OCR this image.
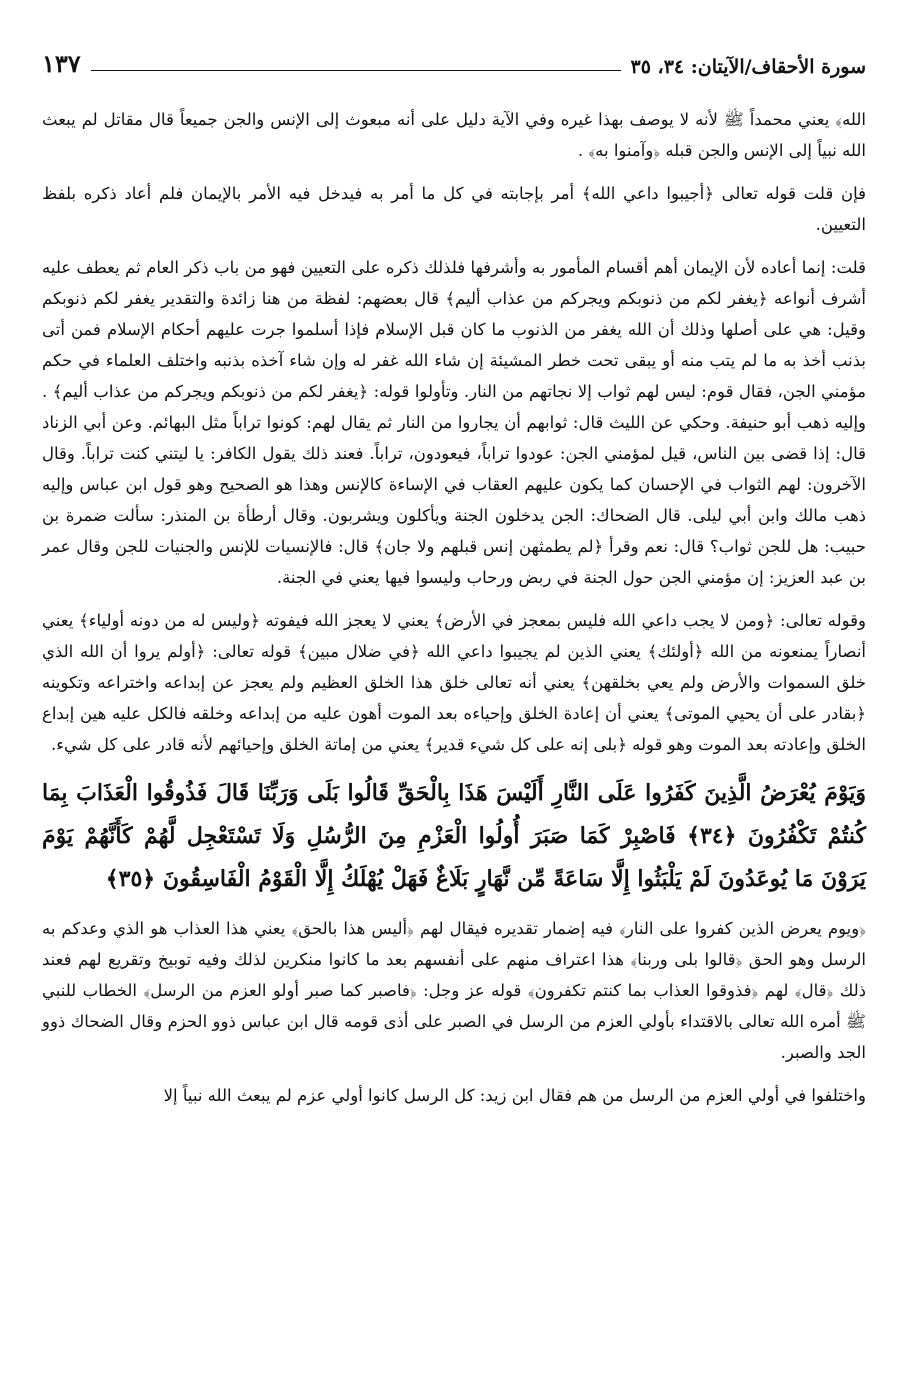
سورة الأحقاف/الآيتان: ٣٤، ٣٥
١٣٧
الله﴾ يعني محمداً ﷺ لأنه لا يوصف بهذا غيره وفي الآية دليل على أنه مبعوث إلى الإنس والجن جميعاً قال مقاتل لم يبعث الله نبياً إلى الإنس والجن قبله ﴿وآمنوا به﴾ .
فإن قلت قوله تعالى ﴿أجيبوا داعي الله﴾ أمر بإجابته في كل ما أمر به فيدخل فيه الأمر بالإيمان فلم أعاد ذكره بلفظ التعيين.
قلت: إنما أعاده لأن الإيمان أهم أقسام المأمور به وأشرفها فلذلك ذكره على التعيين فهو من باب ذكر العام ثم يعطف عليه أشرف أنواعه ﴿يغفر لكم من ذنوبكم ويجركم من عذاب أليم﴾ قال بعضهم: لفظة من هنا زائدة والتقدير يغفر لكم ذنوبكم وقيل: هي على أصلها وذلك أن الله يغفر من الذنوب ما كان قبل الإسلام فإذا أسلموا جرت عليهم أحكام الإسلام فمن أتى بذنب أخذ به ما لم يتب منه أو يبقى تحت خطر المشيئة إن شاء الله غفر له وإن شاء آخذه بذنبه واختلف العلماء في حكم مؤمني الجن، فقال قوم: ليس لهم ثواب إلا نجاتهم من النار. وتأولوا قوله: ﴿يغفر لكم من ذنوبكم ويجركم من عذاب أليم﴾ . وإليه ذهب أبو حنيفة. وحكي عن الليث قال: ثوابهم أن يجاروا من النار ثم يقال لهم: كونوا تراباً مثل البهائم. وعن أبي الزناد قال: إذا قضى بين الناس، قيل لمؤمني الجن: عودوا تراباً، فيعودون، تراباً. فعند ذلك يقول الكافر: يا ليتني كنت تراباً. وقال الآخرون: لهم الثواب في الإحسان كما يكون عليهم العقاب في الإساءة كالإنس وهذا هو الصحيح وهو قول ابن عباس وإليه ذهب مالك وابن أبي ليلى. قال الضحاك: الجن يدخلون الجنة ويأكلون ويشربون. وقال أرطأة بن المنذر: سألت ضمرة بن حبيب: هل للجن ثواب؟ قال: نعم وقرأ ﴿لم يطمثهن إنس قبلهم ولا جان﴾ قال: فالإنسيات للإنس والجنيات للجن وقال عمر بن عبد العزيز: إن مؤمني الجن حول الجنة في ربض ورحاب وليسوا فيها يعني في الجنة.
وقوله تعالى: ﴿ومن لا يجب داعي الله فليس بمعجز في الأرض﴾ يعني لا يعجز الله فيفوته ﴿وليس له من دونه أولياء﴾ يعني أنصاراً يمنعونه من الله ﴿أولئك﴾ يعني الذين لم يجيبوا داعي الله ﴿في ضلال مبين﴾ قوله تعالى: ﴿أولم يروا أن الله الذي خلق السموات والأرض ولم يعي بخلقهن﴾ يعني أنه تعالى خلق هذا الخلق العظيم ولم يعجز عن إبداعه واختراعه وتكوينه ﴿بقادر على أن يحيي الموتى﴾ يعني أن إعادة الخلق وإحياءه بعد الموت أهون عليه من إبداعه وخلقه فالكل عليه هين إبداع الخلق وإعادته بعد الموت وهو قوله ﴿بلى إنه على كل شيء قدير﴾ يعني من إماتة الخلق وإحيائهم لأنه قادر على كل شيء.
وَيَوْمَ يُعْرَضُ الَّذِينَ كَفَرُوا عَلَى النَّارِ أَلَيْسَ هَذَا بِالْحَقِّ قَالُوا بَلَى وَرَبِّنَا قَالَ فَذُوقُوا الْعَذَابَ بِمَا كُنتُمْ تَكْفُرُونَ ﴿٣٤﴾ فَاصْبِرْ كَمَا صَبَرَ أُولُوا الْعَزْمِ مِنَ الرُّسُلِ وَلَا تَسْتَعْجِل لَّهُمْ كَأَنَّهُمْ يَوْمَ يَرَوْنَ مَا يُوعَدُونَ لَمْ يَلْبَثُوا إِلَّا سَاعَةً مِّن نَّهَارٍ بَلَاغٌ فَهَلْ يُهْلَكُ إِلَّا الْقَوْمُ الْفَاسِقُونَ ﴿٣٥﴾
﴿ويوم يعرض الذين كفروا على النار﴾ فيه إضمار تقديره فيقال لهم ﴿أليس هذا بالحق﴾ يعني هذا العذاب هو الذي وعدكم به الرسل وهو الحق ﴿قالوا بلى وربنا﴾ هذا اعتراف منهم على أنفسهم بعد ما كانوا منكرين لذلك وفيه توبيخ وتقريع لهم فعند ذلك ﴿قال﴾ لهم ﴿فذوقوا العذاب بما كنتم تكفرون﴾ قوله عز وجل: ﴿فاصبر كما صبر أولو العزم من الرسل﴾ الخطاب للنبي ﷺ أمره الله تعالى بالاقتداء بأولي العزم من الرسل في الصبر على أذى قومه قال ابن عباس ذوو الحزم وقال الضحاك ذوو الجد والصبر.
واختلفوا في أولي العزم من الرسل من هم فقال ابن زيد: كل الرسل كانوا أولي عزم لم يبعث الله نبياً إلا
